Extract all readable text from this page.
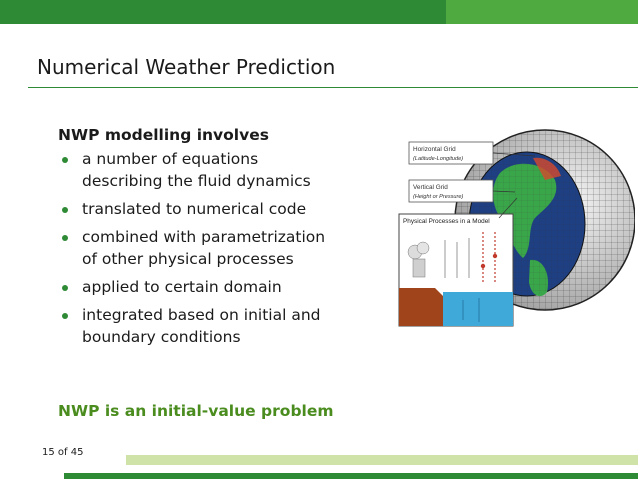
Numerical Weather Prediction
NWP modelling involves
a number of equations
describing the fluid dynamics
translated to numerical code
combined with parametrization
of other physical processes
applied to certain domain
integrated based on initial and
boundary conditions

NWP is an initial-value problem

Horizontal Grid
(Latitude-Longitude)
Vertical Grid
(Height or Pressure)
Physical Processes in a Model
15 of 45
